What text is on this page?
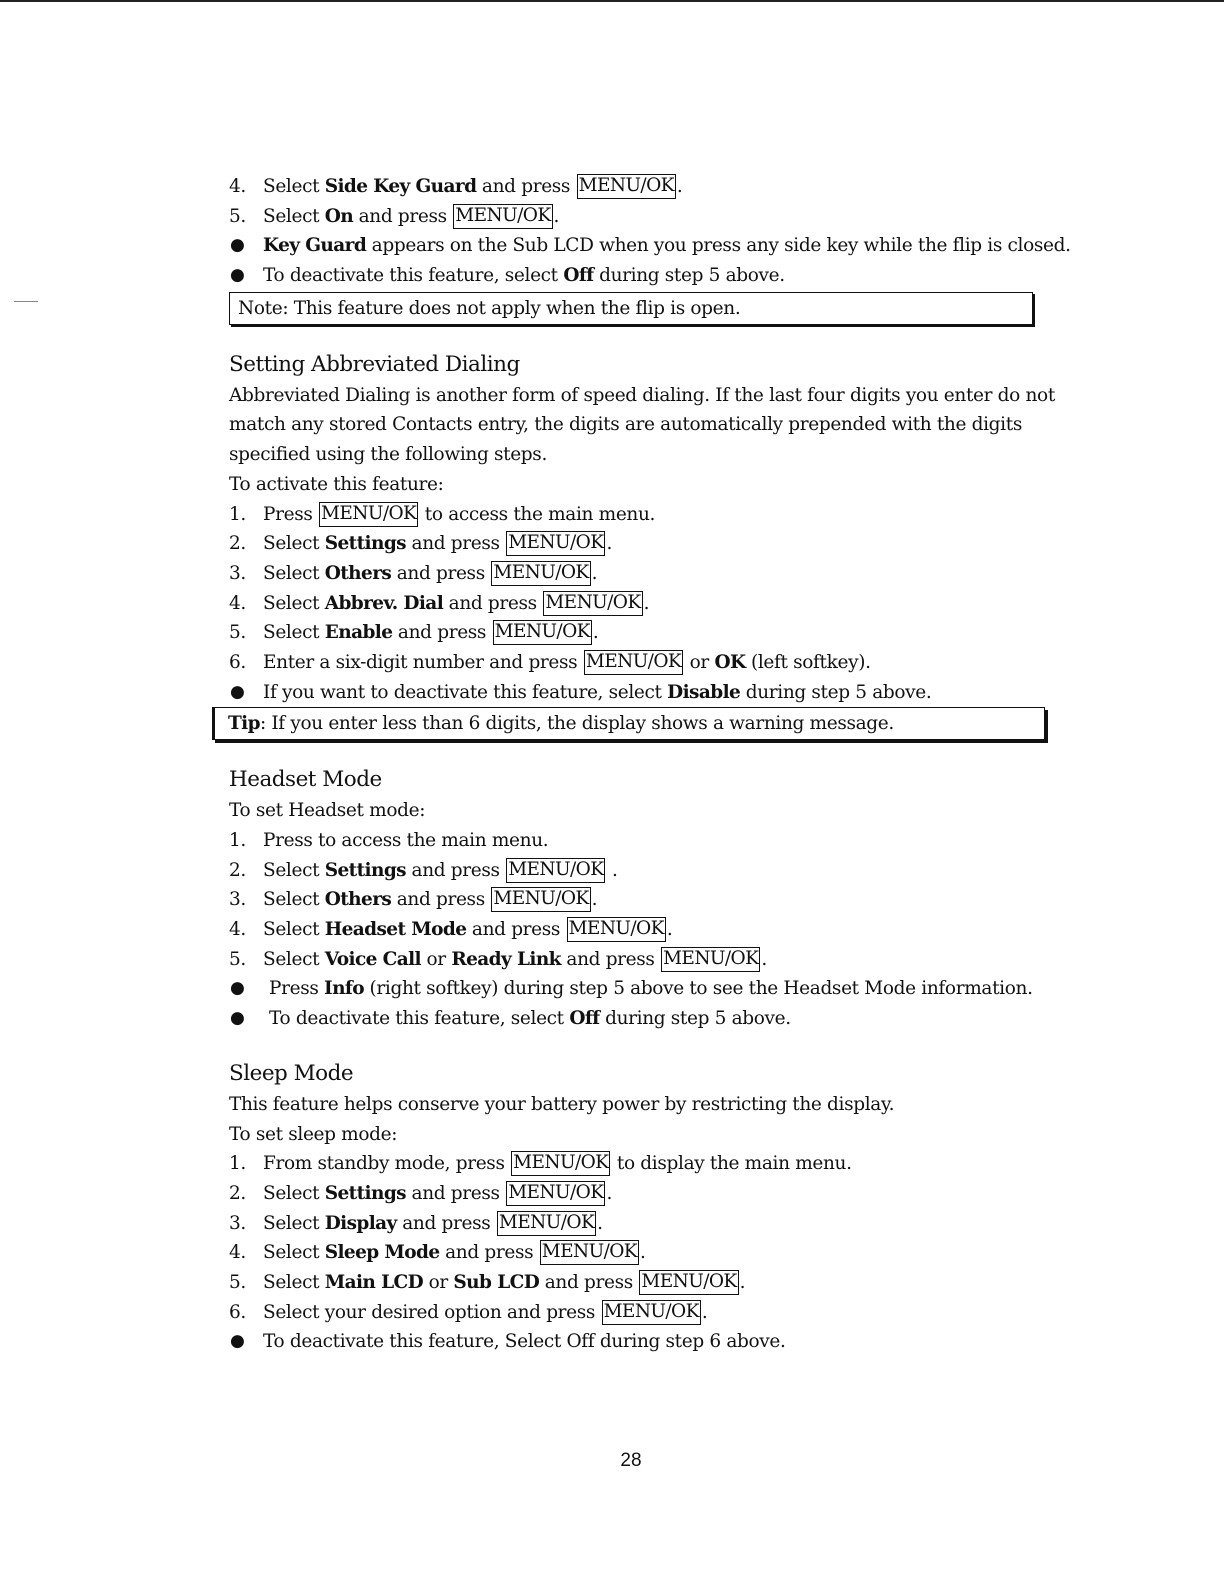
4. Select Side Key Guard and press MENU/OK .
5. Select On and press MENU/OK .
● Key Guard appears on the Sub LCD when you press any side key while the flip is closed.
● To deactivate this feature, select Off during step 5 above.
Note: This feature does not apply when the flip is open.
Setting Abbreviated Dialing
Abbreviated Dialing is another form of speed dialing. If the last four digits you enter do not
match any stored Contacts entry, the digits are automatically prepended with the digits
specified using the following steps.
To activate this feature:
1. Press MENU/OK to access the main menu.
2. Select Settings and press MENU/OK .
3. Select Others and press MENU/OK .
4. Select Abbrev. Dial and press MENU/OK .
5. Select Enable and press MENU/OK .
6. Enter a six-digit number and press MENU/OK or OK (left softkey).
● If you want to deactivate this feature, select Disable during step 5 above.
Tip: If you enter less than 6 digits, the display shows a warning message.
Headset Mode
To set Headset mode:
1. Press to access the main menu.
2. Select Settings and press MENU/OK .
3. Select Others and press MENU/OK .
4. Select Headset Mode and press MENU/OK .
5. Select Voice Call or Ready Link and press MENU/OK .
● Press Info (right softkey) during step 5 above to see the Headset Mode information.
● To deactivate this feature, select Off during step 5 above.
Sleep Mode
This feature helps conserve your battery power by restricting the display.
To set sleep mode:
1. From standby mode, press MENU/OK to display the main menu.
2. Select Settings and press MENU/OK .
3. Select Display and press MENU/OK .
4. Select Sleep Mode and press MENU/OK .
5. Select Main LCD or Sub LCD and press MENU/OK .
6. Select your desired option and press MENU/OK .
● To deactivate this feature, Select Off during step 6 above.
28
